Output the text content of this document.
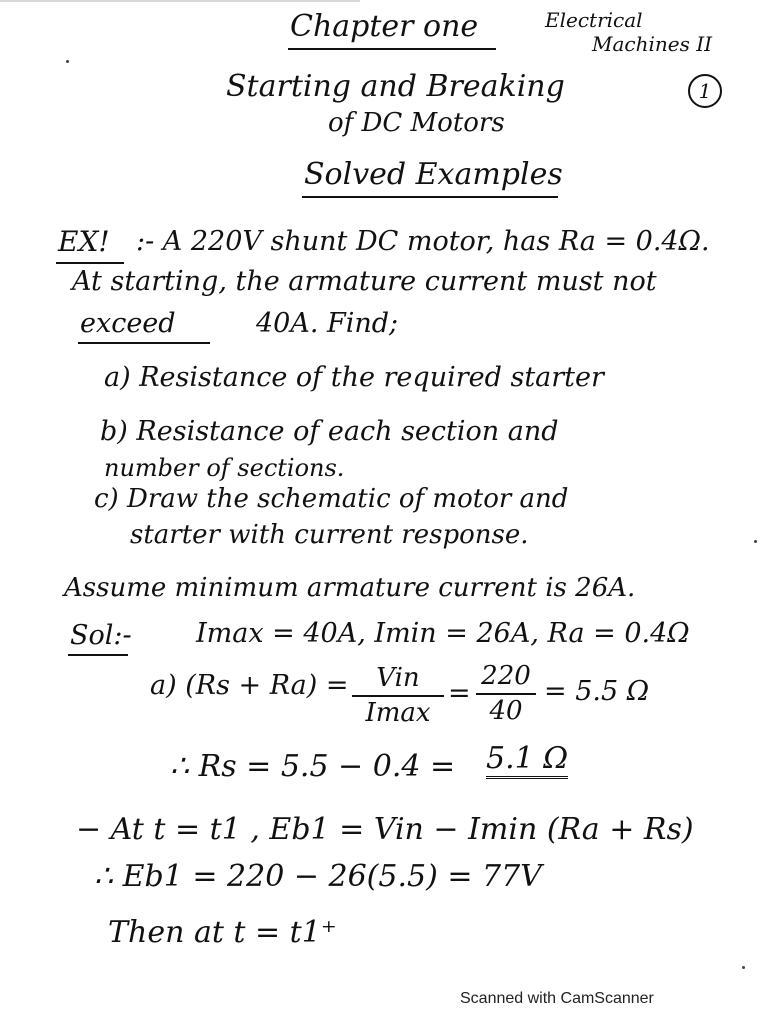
Chapter one	Electrical
Machines II
Starting and Breaking	1
of DC Motors
Solved Examples
EX! :- A 220V shunt DC motor, has Ra = 0.4Ω.
At starting, the armature current must not
exceed	40A. Find;
a) Resistance of the required starter
b) Resistance of each section and
number of sections.
c) Draw the schematic of motor and
starter with current response.
Assume minimum armature current is 26A.
Sol:- Imax = 40A, Imin = 26A, Ra = 0.4Ω
a) (Rs + Ra) = Vin
Imax
=
220
40
= 5.5 Ω
∴ Rs = 5.5 − 0.4 = 5.1 Ω
− At t = t1 , Eb1 = Vin − Imin (Ra + Rs)
∴ Eb1 = 220 − 26(5.5) = 77V
Then at t = t1⁺
Scanned with CamScanner
